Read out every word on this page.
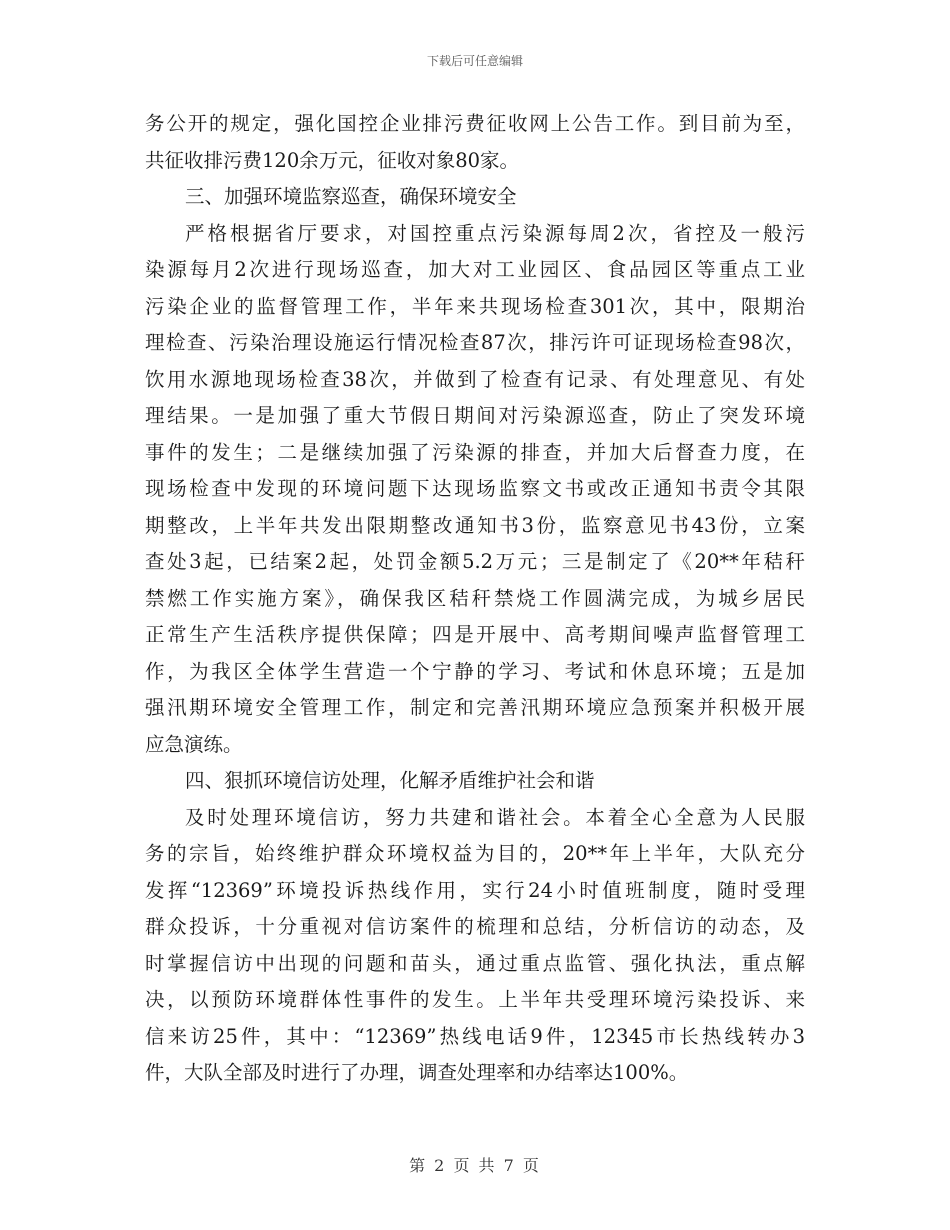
下载后可任意编辑
务公开的规定，强化国控企业排污费征收网上公告工作。到目前为至，
共征收排污费120余万元，征收对象80家。
三、加强环境监察巡查，确保环境安全
严格根据省厅要求，对国控重点污染源每周2次，省控及一般污
染源每月2次进行现场巡查，加大对工业园区、食品园区等重点工业
污染企业的监督管理工作，半年来共现场检查301次，其中，限期治
理检查、污染治理设施运行情况检查87次，排污许可证现场检查98次，
饮用水源地现场检查38次，并做到了检查有记录、有处理意见、有处
理结果。一是加强了重大节假日期间对污染源巡查，防止了突发环境
事件的发生；二是继续加强了污染源的排查，并加大后督查力度，在
现场检查中发现的环境问题下达现场监察文书或改正通知书责令其限
期整改，上半年共发出限期整改通知书3份，监察意见书43份，立案
查处3起，已结案2起，处罚金额5.2万元；三是制定了《20**年秸秆
禁燃工作实施方案》，确保我区秸秆禁烧工作圆满完成，为城乡居民
正常生产生活秩序提供保障；四是开展中、高考期间噪声监督管理工
作，为我区全体学生营造一个宁静的学习、考试和休息环境；五是加
强汛期环境安全管理工作，制定和完善汛期环境应急预案并积极开展
应急演练。
四、狠抓环境信访处理，化解矛盾维护社会和谐
及时处理环境信访，努力共建和谐社会。本着全心全意为人民服
务的宗旨，始终维护群众环境权益为目的，20**年上半年，大队充分
发挥“12369”环境投诉热线作用，实行24小时值班制度，随时受理
群众投诉，十分重视对信访案件的梳理和总结，分析信访的动态，及
时掌握信访中出现的问题和苗头，通过重点监管、强化执法，重点解
决，以预防环境群体性事件的发生。上半年共受理环境污染投诉、来
信来访25件，其中：“12369”热线电话9件，12345市长热线转办3
件，大队全部及时进行了办理，调查处理率和办结率达100%。
第 2 页 共 7 页
